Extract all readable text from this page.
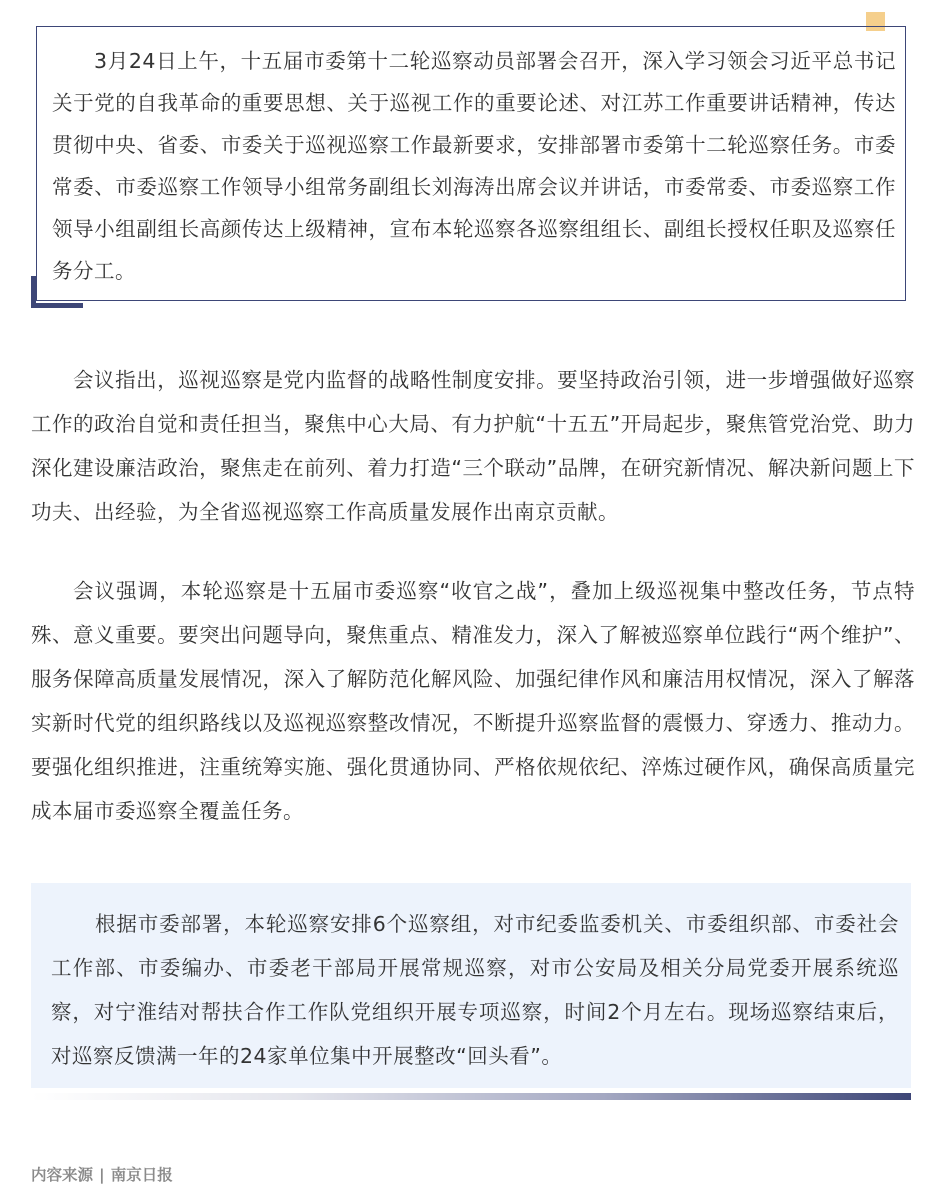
3月24日上午，十五届市委第十二轮巡察动员部署会召开，深入学习领会习近平总书记关于党的自我革命的重要思想、关于巡视工作的重要论述、对江苏工作重要讲话精神，传达贯彻中央、省委、市委关于巡视巡察工作最新要求，安排部署市委第十二轮巡察任务。市委常委、市委巡察工作领导小组常务副组长刘海涛出席会议并讲话，市委常委、市委巡察工作领导小组副组长高颜传达上级精神，宣布本轮巡察各巡察组组长、副组长授权任职及巡察任务分工。

会议指出，巡视巡察是党内监督的战略性制度安排。要坚持政治引领，进一步增强做好巡察工作的政治自觉和责任担当，聚焦中心大局、有力护航“十五五”开局起步，聚焦管党治党、助力深化建设廉洁政治，聚焦走在前列、着力打造“三个联动”品牌，在研究新情况、解决新问题上下功夫、出经验，为全省巡视巡察工作高质量发展作出南京贡献。

会议强调，本轮巡察是十五届市委巡察“收官之战”，叠加上级巡视集中整改任务，节点特殊、意义重要。要突出问题导向，聚焦重点、精准发力，深入了解被巡察单位践行“两个维护”、服务保障高质量发展情况，深入了解防范化解风险、加强纪律作风和廉洁用权情况，深入了解落实新时代党的组织路线以及巡视巡察整改情况，不断提升巡察监督的震慑力、穿透力、推动力。要强化组织推进，注重统筹实施、强化贯通协同、严格依规依纪、淬炼过硬作风，确保高质量完成本届市委巡察全覆盖任务。

根据市委部署，本轮巡察安排6个巡察组，对市纪委监委机关、市委组织部、市委社会工作部、市委编办、市委老干部局开展常规巡察，对市公安局及相关分局党委开展系统巡察，对宁淮结对帮扶合作工作队党组织开展专项巡察，时间2个月左右。现场巡察结束后，对巡察反馈满一年的24家单位集中开展整改“回头看”。

内容来源 | 南京日报
